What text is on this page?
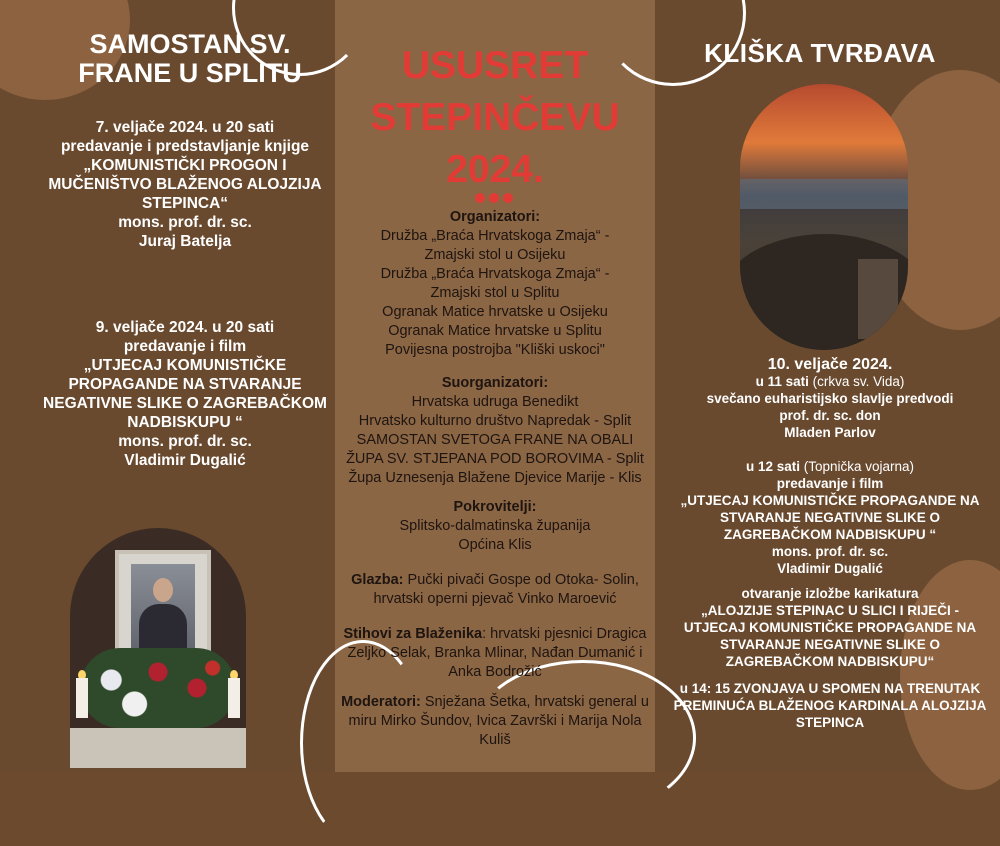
SAMOSTAN SV. FRANE U SPLITU
7. veljače 2024. u 20 sati
predavanje i predstavljanje knjige
„KOMUNISTIČKI PROGON I MUČENIŠTVO BLAŽENOG ALOJZIJA STEPINCA“
mons. prof. dr. sc.
Juraj Batelja
9. veljače 2024. u 20 sati
predavanje i film
„UTJECAJ KOMUNISTIČKE PROPAGANDE NA STVARANJE NEGATIVNE SLIKE O ZAGREBAČKOM NADBISKUPU “
mons. prof. dr. sc.
Vladimir Dugalić
USUSRET
STEPINČEVU
2024.
Organizatori:
Družba „Braća Hrvatskoga Zmaja“ -
Zmajski stol u Osijeku
Družba „Braća Hrvatskoga Zmaja“ -
Zmajski stol u Splitu
Ogranak Matice hrvatske u Osijeku
Ogranak Matice hrvatske u Splitu
Povijesna postrojba "Kliški uskoci"
Suorganizatori:
Hrvatska udruga Benedikt
Hrvatsko kulturno društvo Napredak - Split
SAMOSTAN SVETOGA FRANE NA OBALI
ŽUPA SV. STJEPANA POD BOROVIMA - Split
Župa Uznesenja Blažene Djevice Marije - Klis
Pokrovitelji:
Splitsko-dalmatinska županija
Općina Klis
Glazba: Pučki pivači Gospe od Otoka- Solin, hrvatski operni pjevač Vinko Maroević
Stihovi za Blaženika: hrvatski pjesnici Dragica Zeljko Selak, Branka Mlinar, Nađan Dumanić i Anka Bodrožić
Moderatori: Snježana Šetka, hrvatski general u miru Mirko Šundov, Ivica Završki i Marija Nola Kuliš
KLIŠKA TVRĐAVA
10. veljače 2024.
u 11 sati (crkva sv. Vida)
svečano euharistijsko slavlje predvodi
prof. dr. sc. don
Mladen Parlov
u 12 sati (Topnička vojarna)
predavanje i film
„UTJECAJ KOMUNISTIČKE PROPAGANDE NA STVARANJE NEGATIVNE SLIKE O ZAGREBAČKOM NADBISKUPU “
mons. prof. dr. sc.
Vladimir Dugalić
otvaranje izložbe karikatura
„ALOJZIJE STEPINAC U SLICI I RIJEČI - UTJECAJ KOMUNISTIČKE PROPAGANDE NA STVARANJE NEGATIVNE SLIKE O ZAGREBAČKOM NADBISKUPU“
u 14: 15 ZVONJAVA U SPOMEN NA TRENUTAK PREMINUĆA BLAŽENOG KARDINALA ALOJZIJA STEPINCA
